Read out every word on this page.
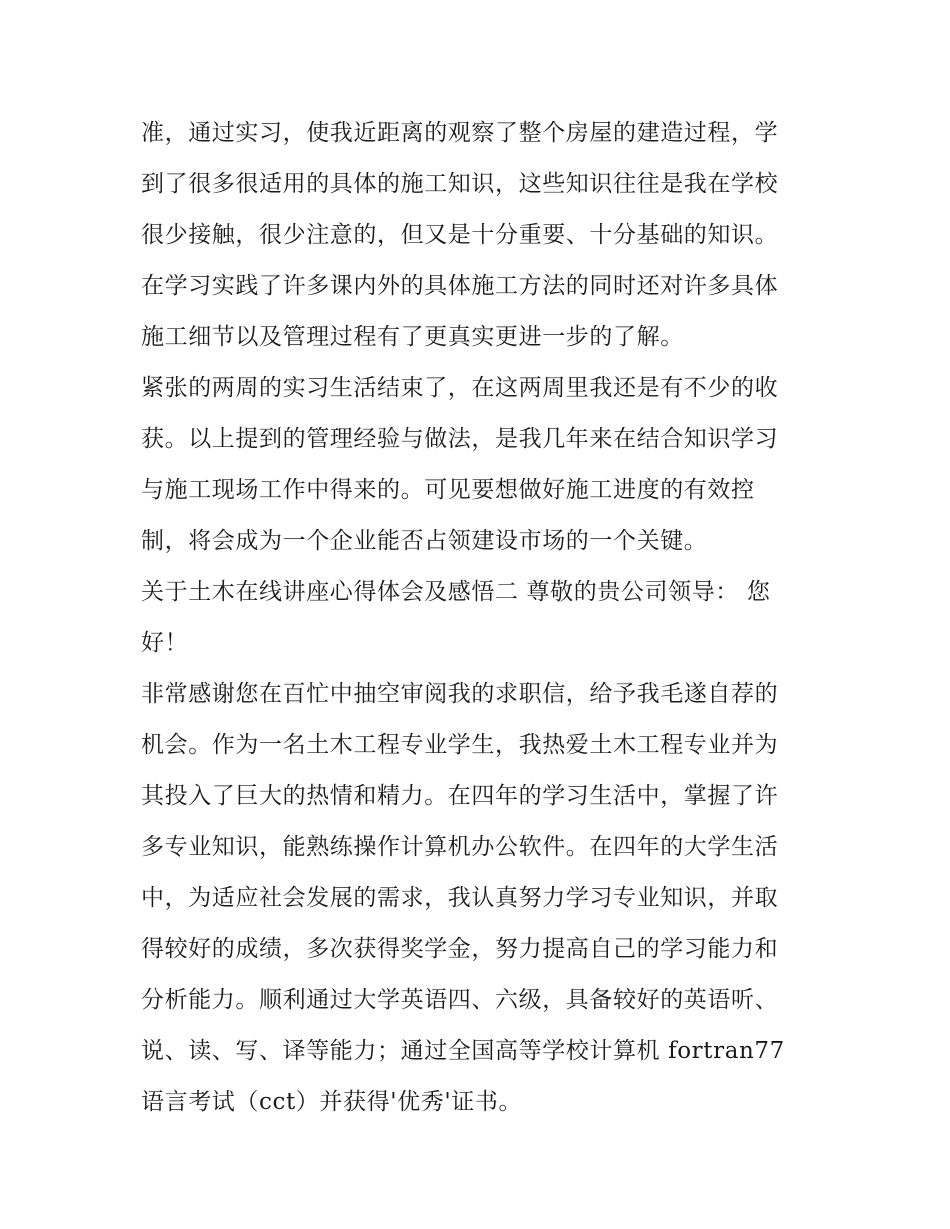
准，通过实习，使我近距离的观察了整个房屋的建造过程，学
到了很多很适用的具体的施工知识，这些知识往往是我在学校
很少接触，很少注意的，但又是十分重要、十分基础的知识。
在学习实践了许多课内外的具体施工方法的同时还对许多具体
施工细节以及管理过程有了更真实更进一步的了解。
紧张的两周的实习生活结束了，在这两周里我还是有不少的收
获。以上提到的管理经验与做法，是我几年来在结合知识学习
与施工现场工作中得来的。可见要想做好施工进度的有效控
制，将会成为一个企业能否占领建设市场的一个关键。
关于土木在线讲座心得体会及感悟二 尊敬的贵公司领导： 您
好！
非常感谢您在百忙中抽空审阅我的求职信，给予我毛遂自荐的
机会。作为一名土木工程专业学生，我热爱土木工程专业并为
其投入了巨大的热情和精力。在四年的学习生活中，掌握了许
多专业知识，能熟练操作计算机办公软件。在四年的大学生活
中，为适应社会发展的需求，我认真努力学习专业知识，并取
得较好的成绩，多次获得奖学金，努力提高自己的学习能力和
分析能力。顺利通过大学英语四、六级，具备较好的英语听、
说、读、写、译等能力；通过全国高等学校计算机 fortran77
语言考试（cct）并获得'优秀'证书。
